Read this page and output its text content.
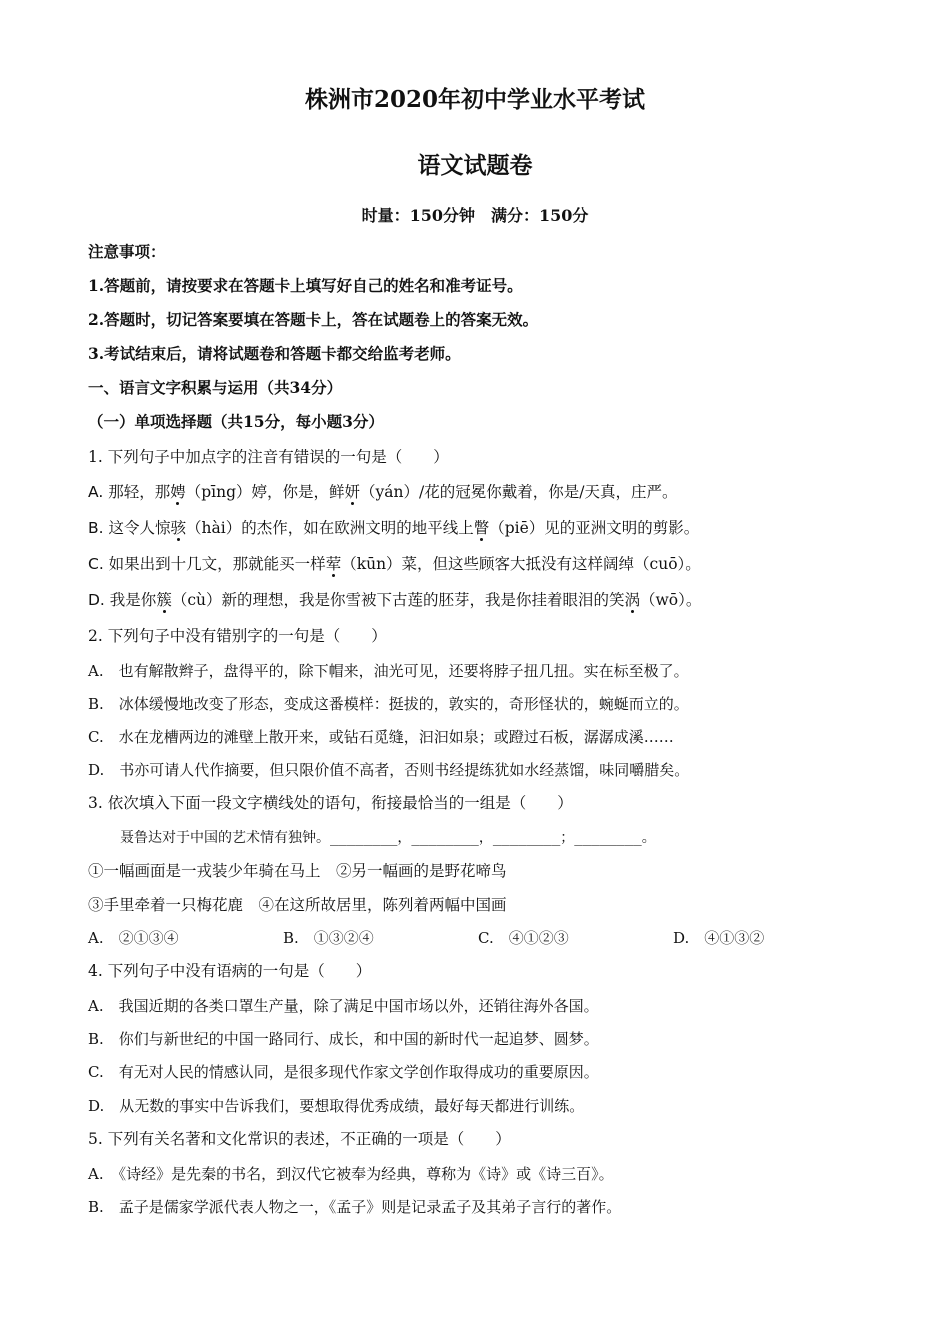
株洲市2020年初中学业水平考试
语文试题卷
时量：150分钟　满分：150分
注意事项：
1.答题前，请按要求在答题卡上填写好自己的姓名和准考证号。
2.答题时，切记答案要填在答题卡上，答在试题卷上的答案无效。
3.考试结束后，请将试题卷和答题卡都交给监考老师。
一、语言文字积累与运用（共34分）
（一）单项选择题（共15分，每小题3分）
1. 下列句子中加点字的注音有错误的一句是（　　）
A. 那轻，那娉（pīng）婷，你是，鲜妍（yán）/花的冠冕你戴着，你是/天真，庄严。
B. 这令人惊骇（hài）的杰作，如在欧洲文明的地平线上瞥（piē）见的亚洲文明的剪影。
C. 如果出到十几文，那就能买一样荤（kūn）菜，但这些顾客大抵没有这样阔绰（cuō）。
D. 我是你簇（cù）新的理想，我是你雪被下古莲的胚芽，我是你挂着眼泪的笑涡（wō）。
2. 下列句子中没有错别字的一句是（　　）
A.　也有解散辫子，盘得平的，除下帽来，油光可见，还要将脖子扭几扭。实在标至极了。
B.　冰体缓慢地改变了形态，变成这番模样：挺拔的，敦实的，奇形怪状的，蜿蜒而立的。
C.　水在龙槽两边的滩壁上散开来，或钻石觅缝，汩汩如泉；或蹬过石板，潺潺成溪……
D.　书亦可请人代作摘要，但只限价值不高者，否则书经提练犹如水经蒸馏，味同嚼腊矣。
3. 依次填入下面一段文字横线处的语句，衔接最恰当的一组是（　　）
聂鲁达对于中国的艺术情有独钟。________，________，________；________。
①一幅画面是一戎装少年骑在马上　②另一幅画的是野花啼鸟
③手里牵着一只梅花鹿　④在这所故居里，陈列着两幅中国画
A.　②①③④	B.　①③②④	C.　④①②③	D.　④①③②
4. 下列句子中没有语病的一句是（　　）
A.　我国近期的各类口罩生产量，除了满足中国市场以外，还销往海外各国。
B.　你们与新世纪的中国一路同行、成长，和中国的新时代一起追梦、圆梦。
C.　有无对人民的情感认同，是很多现代作家文学创作取得成功的重要原因。
D.　从无数的事实中告诉我们，要想取得优秀成绩，最好每天都进行训练。
5. 下列有关名著和文化常识的表述，不正确的一项是（　　）
A.　《诗经》是先秦的书名，到汉代它被奉为经典，尊称为《诗》或《诗三百》。
B.　孟子是儒家学派代表人物之一，《孟子》则是记录孟子及其弟子言行的著作。
